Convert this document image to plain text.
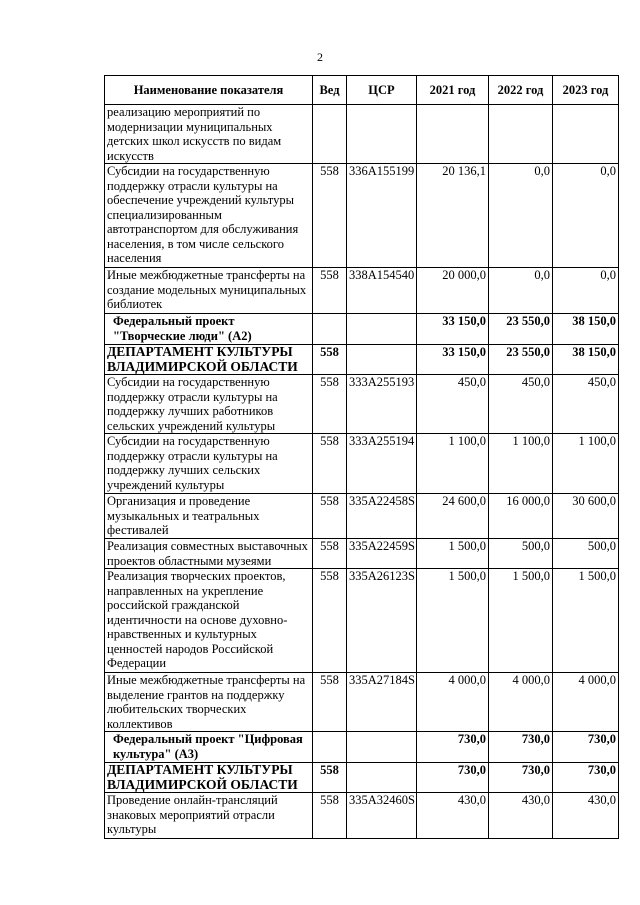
2
Наименование показателя	Вед	ЦСР	2021 год	2022 год	2023 год
реализацию мероприятий по модернизации муниципальных детских школ искусств по видам искусств					
Субсидии на государственную поддержку отрасли культуры на обеспечение учреждений культуры специализированным автотранспортом для обслуживания населения, в том числе сельского населения	558	336A155199	20 136,1	0,0	0,0
Иные межбюджетные трансферты на создание модельных муниципальных библиотек	558	338A154540	20 000,0	0,0	0,0
Федеральный проект "Творческие люди" (А2)			33 150,0	23 550,0	38 150,0
ДЕПАРТАМЕНТ КУЛЬТУРЫ ВЛАДИМИРСКОЙ ОБЛАСТИ	558		33 150,0	23 550,0	38 150,0
Субсидии на государственную поддержку отрасли культуры на поддержку лучших работников сельских учреждений культуры	558	333A255193	450,0	450,0	450,0
Субсидии на государственную поддержку отрасли культуры на поддержку лучших сельских учреждений культуры	558	333A255194	1 100,0	1 100,0	1 100,0
Организация и проведение музыкальных и театральных фестивалей	558	335A22458S	24 600,0	16 000,0	30 600,0
Реализация совместных выставочных проектов областными музеями	558	335A22459S	1 500,0	500,0	500,0
Реализация творческих проектов, направленных на укрепление российской гражданской идентичности на основе духовно-нравственных и культурных ценностей народов Российской Федерации	558	335A26123S	1 500,0	1 500,0	1 500,0
Иные межбюджетные трансферты на выделение грантов на поддержку любительских творческих коллективов	558	335A27184S	4 000,0	4 000,0	4 000,0
Федеральный проект "Цифровая культура" (А3)			730,0	730,0	730,0
ДЕПАРТАМЕНТ КУЛЬТУРЫ ВЛАДИМИРСКОЙ ОБЛАСТИ	558		730,0	730,0	730,0
Проведение онлайн-трансляций знаковых мероприятий отрасли культуры	558	335A32460S	430,0	430,0	430,0
